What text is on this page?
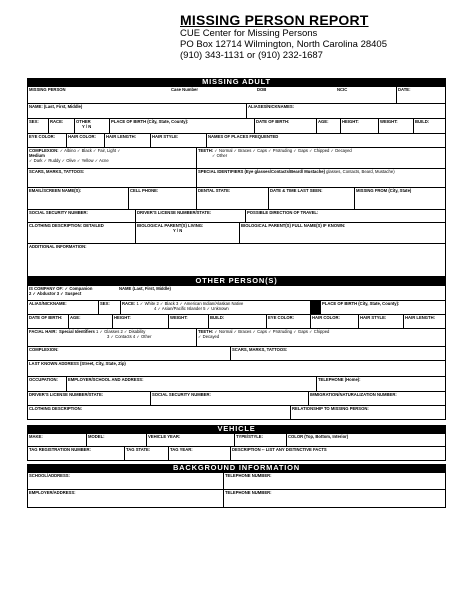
MISSING PERSON REPORT
CUE Center for Missing Persons
PO Box 12714 Wilmington, North Carolina 28405
(910) 343-1131 or (910) 232-1687
MISSING ADULT
MISSING PERSON	Case Number	DOB	NCIC	DATE:
NAME: (Last, First, Middle)	ALIASES/NICKNAMES:
SEX:	RACE:	OTHER
Y / N
PLACE OF BIRTH (City, State, County):	DATE OF BIRTH:	AGE:	HEIGHT:	WEIGHT:	BUILD:
EYE COLOR:	HAIR COLOR:	HAIR LENGTH:	HAIR STYLE:	NAMES OF PLACES FREQUENTED
COMPLEXION: ✓ Albino ✓ Black ✓ Fair, Light ✓
Medium
✓ Dark ✓ Ruddy ✓ Olive ✓ Yellow ✓ Acne
TEETH: ✓ Normal ✓ Braces ✓ Caps ✓ Protruding ✓ Gaps ✓ Chipped ✓ Decayed
✓ Other
SCARS, MARKS, TATTOOS:	SPECIAL IDENTIFIERS (Eye glasses/Contacts/Beard/ Mustache) glasses, Contacts, Beard, Mustache)
EMAIL/SCREEN NAME(S):	CELL PHONE:	DENTAL STATE:	DATE & TIME LAST SEEN:	MISSING FROM (City, State)
SOCIAL SECURITY NUMBER:	DRIVER'S LICENSE NUMBER/STATE:	POSSIBLE DIRECTION OF TRAVEL:
CLOTHING DESCRIPTION: DETAILED	BIOLOGICAL PARENT(S) LIVING:
Y / N
BIOLOGICAL PARENT(S) FULL NAME(S) IF KNOWN:
ADDITIONAL INFORMATION:
OTHER PERSON(S)
IS COMPANY OF: ✓ Companion
2 ✓ Abductor 3 ✓ Suspect
NAME (Last, First, Middle)
ALIAS/NICKNAME:	SEX:	RACE: 1 ✓ White 2 ✓ Black 3 ✓ American Indian/Alaskan Native
4 ✓ Asian/Pacific Islander 5 ✓ Unknown
PLACE OF BIRTH (City, State, County):
DATE OF BIRTH:	AGE:	HEIGHT:	WEIGHT:	BUILD:	EYE COLOR:	HAIR COLOR:	HAIR STYLE:	HAIR LENGTH:
FACIAL HAIR: Special Identifiers 1 ✓ Glasses 2 ✓ Disability
3 ✓ Contacts 4 ✓ Other
TEETH: ✓ Normal ✓ Braces ✓ Caps ✓ Protruding ✓ Gaps ✓ Chipped
✓ Decayed
COMPLEXION:	SCARS, MARKS, TATTOOS:
LAST KNOWN ADDRESS (Street, City, State, Zip)
OCCUPATION:	EMPLOYER/SCHOOL AND ADDRESS:	TELEPHONE (Home):
DRIVER'S LICENSE NUMBER/STATE:	SOCIAL SECURITY NUMBER:	IMMIGRATION/NATURALIZATION NUMBER:
CLOTHING DESCRIPTION:	RELATIONSHIP TO MISSING PERSON:
VEHICLE
MAKE:	MODEL:	VEHICLE YEAR:	TYPE/STYLE:	COLOR (Top, Bottom, Interior)
TAG REGISTRATION NUMBER:	TAG STATE:	TAG YEAR:	DESCRIPTION -- LIST ANY DISTINCTIVE FACTS
BACKGROUND INFORMATION
SCHOOL/ADDRESS:	TELEPHONE NUMBER:
EMPLOYER/ADDRESS:	TELEPHONE NUMBER:
